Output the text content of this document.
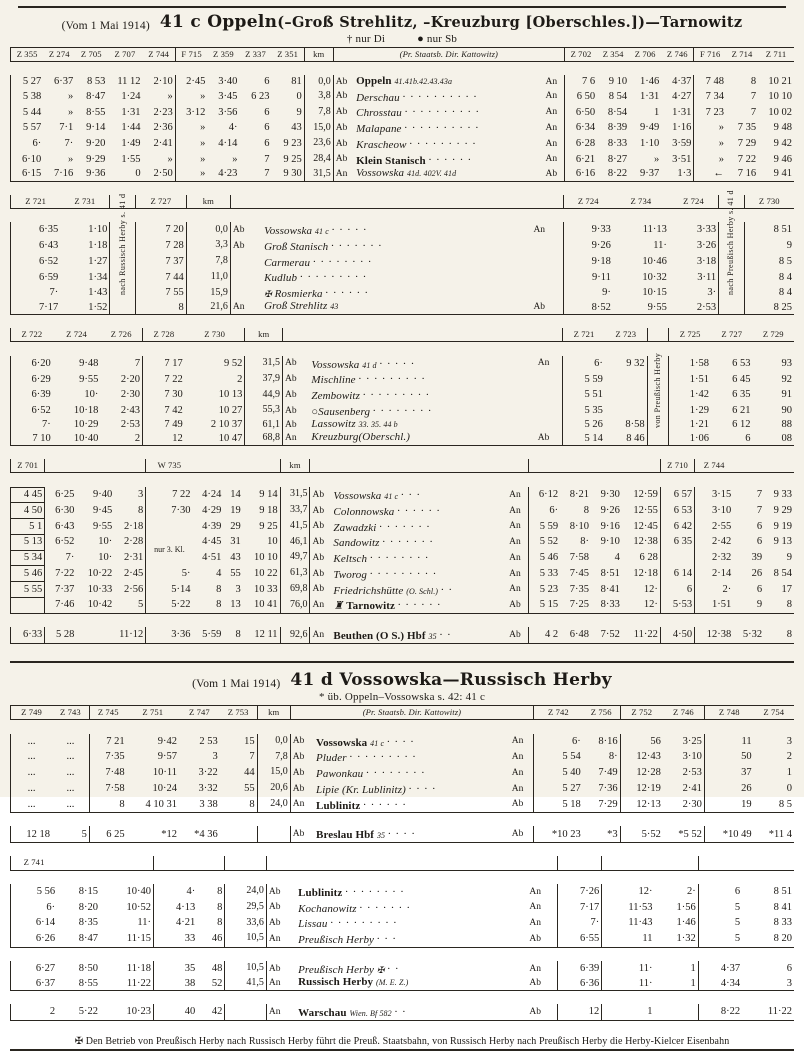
(Vom 1 Mai 1914) 41 c Oppeln(–Groß Strehlitz, –Kreuzburg [Oberschles.])—Tarnowitz
† nur Di	● nur Sb
Z 355	Z 274	Z 705	Z 707	Z 744	F 715	Z 359	Z 337	Z 351	km	(Pr. Staatsb. Dir. Kattowitz)			Z 702	Z 354	Z 706	Z 746	F 716	Z 714	Z 711

5 27	6·37	8 53	11 12	2·10	2·45	3·40	6	81	0,0	Ab	Oppeln 41.41b.42.43.43a	An	7 6	9 10	1·46	4·37	7 48	8	10 21
5 38	»	8·47	1·24	»	»	3·45	6 23	0	3,8	Ab	Derschau . . . . . . . . . .	An	6 50	8 54	1·31	4·27	7 34	7	10 10
5 44	»	8·55	1·31	2·23	3·12	3·56	6	9	7,8	Ab	Chrosstau . . . . . . . . . .	An	6·50	8·54	1	1·31	7 23	7	10 02
5 57	7·1	9·14	1·44	2·36	»	4·	6	43	15,0	Ab	Malapane . . . . . . . . . .	An	6·34	8·39	9·49	1·16	»	7 35	9 48
6·	7·	9·20	1·49	2·41	»	4·14	6	9 23	23,6	Ab	Krascheow . . . . . . . . .	An	6·28	8·33	1·10	3·59	»	7 29	9 42
6·10	»	9·29	1·55	»	»	»	7	9 25	28,4	Ab	Klein Stanisch . . . . . .	An	6·21	8·27	»	3·51	»	7 22	9 46
6·15	7·16	9·36	0	2·50	»	4·23	7	9 30	31,5	An	Vossowska 41d. 402V. 41d	Ab	6·16	8·22	9·37	1·3	←	7 16	9 41

Z 721	Z 731		Z 727	km				Z 724	Z 734	Z 724		Z 730

6·35	1·10	nach Russisch Herby s. 41 d	7 20	0,0	Ab	Vossowska 41 c . . . . .	An	9·33	11·13	3·33	nach Preußisch Herby s. 41 d	8 51
6·43	1·18		7 28	3,3	Ab	Groß Stanisch . . . . . . .		9·26	11·	3·26		9
6·52	1·27		7 37	7,8		Carmerau . . . . . . . .		9·18	10·46	3·18		8 5
6·59	1·34		7 44	11,0		Kudlub . . . . . . . . .		9·11	10·32	3·11		8 4
7·	1·43		7 55	15,9		✠ Rosmierka . . . . . .		9·	10·15	3·		8 4
7·17	1·52		8	21,6	An	Groß Strehlitz 43	Ab	8·52	9·55	2·53		8 25

Z 722	Z 724	Z 726	Z 728	Z 730	km				Z 721	Z 723		Z 725	Z 727	Z 729

6·20	9·48	7	7 17	9 52	31,5	Ab	Vossowska 41 d . . . . .	An	6·	9 32	von Preußisch Herby	1·58	6 53	93
6·29	9·55	2·20	7 22	2	37,9	Ab	Mischline . . . . . . . . .		5 59			1·51	6 45	92
6·39	10·	2·30	7 30	10 13	44,9	Ab	Zembowitz . . . . . . . . .		5 51			1·42	6 35	91
6·52	10·18	2·43	7 42	10 27	55,3	Ab	○Sausenberg . . . . . . . .		5 35			1·29	6 21	90
7·	10·29	2·53	7 49	2 10 37	61,1	Ab	Lassowitz 33. 35. 44 b		5 26	8·58		1·21	6 12	88
7 10	10·40	2	12	10 47	68,8	An	Kreuzburg(Oberschl.)	Ab	5 14	8 46		1·06	6	08

Z 701				W 735				km								Z 710	Z 744		

4 45	6·25	9·40	3	7 22	4·24	14	9 14	31,5	Ab	Vossowska 41 c . . .	An	6·12	8·21	9·30	12·59	6 57	3·15	7	9 33
4 50	6·30	9·45	8	7·30	4·29	19	9 18	33,7	Ab	Colonnowska . . . . . .	An	6·	8	9·26	12·55	6 53	3·10	7	9 29
5 1	6·43	9·55	2·18		4·39	29	9 25	41,5	Ab	Zawadzki . . . . . . .	An	5 59	8·10	9·16	12·45	6 42	2·55	6	9 19
5 13	6·52	10·	2·28	nur 3. Kl.	4·45	31	10	46,1	Ab	Sandowitz . . . . . . .	An	5 52	8·	9·10	12·38	6 35	2·42	6	9 13
5 34	7·	10·	2·31		4·51	43	10 10	49,7	Ab	Keltsch . . . . . . . .	An	5 46	7·58	4	6 28		2·32	39	9
5 46	7·22	10·22	2·45	5·	4	55	10 22	61,3	Ab	Tworog . . . . . . . . .	An	5 33	7·45	8·51	12·18	6 14	2·14	26	8 54
5 55	7·37	10·33	2·56	5·14	8	3	10 33	69,8	Ab	Friedrichshütte (O. Schl.) . .	An	5 23	7·35	8·41	12·	6	2·	6	17
	7·46	10·42	5	5·22	8	13	10 41	76,0	An	♜ Tarnowitz . . . . . .	Ab	5 15	7·25	8·33	12·	5·53	1·51	9	8

6·33	5 28	11·12		3·36	5·59	8	12 11	92,6	An	Beuthen (O S.) Hbf 35 . .	Ab	4 2	6·48	7·52	11·22	4·50	12·38	5·32	8

(Vom 1 Mai 1914) 41 d Vossowska—Russisch Herby
* üb. Oppeln–Vossowska s. 42: 41 c
Z 749	Z 743	Z 745	Z 751	Z 747	Z 753	km	(Pr. Staatsb. Dir. Kattowitz)			Z 742	Z 756	Z 752	Z 746	Z 748	Z 754

...	...	7 21	9·42	2 53	15	0,0	Ab	Vossowska 41 c . . . .	An	6·	8·16	56	3·25	11	3
...	...	7·35	9·57	3	7	7,8	Ab	Pluder . . . . . . . . .	An	5 54	8·	12·43	3·10	50	2
...	...	7·48	10·11	3·22	44	15,0	Ab	Pawonkau . . . . . . . .	An	5 40	7·49	12·28	2·53	37	1
...	...	7·58	10·24	3·32	55	20,6	Ab	Lipie (Kr. Lublinitz) . . . .	An	5 27	7·36	12·19	2·41	26	0
...	...	8	4 10 31	3 38	8	24,0	An	Lublinitz . . . . . .	Ab	5 18	7·29	12·13	2·30	19	8 5

12 18	5	6 25	*12	*4 36			Ab	Breslau Hbf 35 . . . .	Ab	*10 23	*3	5·52	*5 52	*10 49	*11 4

Z 741													

5 56	8·15	10·40	4·	8	24,0	Ab	Lublinitz . . . . . . . .	An	7·26	12·	2·	6	8 51
6·	8·20	10·52	4·13	8	29,5	Ab	Kochanowitz . . . . . . .	An	7·17	11·53	1·56	5	8 41
6·14	8·35	11·	4·21	8	33,6	Ab	Lissau . . . . . . . . .	An	7·	11·43	1·46	5	8 33
6·26	8·47	11·15	33	46	10,5	An	Preußisch Herby . . .	Ab	6·55	11	1·32	5	8 20

6·27	8·50	11·18	35	48	10,5	Ab	Preußisch Herby ✠ . .	An	6·39	11·	1	4·37	6
6·37	8·55	11·22	38	52	41,5	An	Russisch Herby (M. E. Z.)	Ab	6·36	11·	1	4·34	3

2	5·22	10·23	40	42		An	Warschau Wien. Bf 582 . .	Ab	12	1		8·22	11·22

✠ Den Betrieb von Preußisch Herby nach Russisch Herby führt die Preuß. Staatsbahn, von Russisch Herby nach Preußisch Herby die Herby-Kielcer Eisenbahn
